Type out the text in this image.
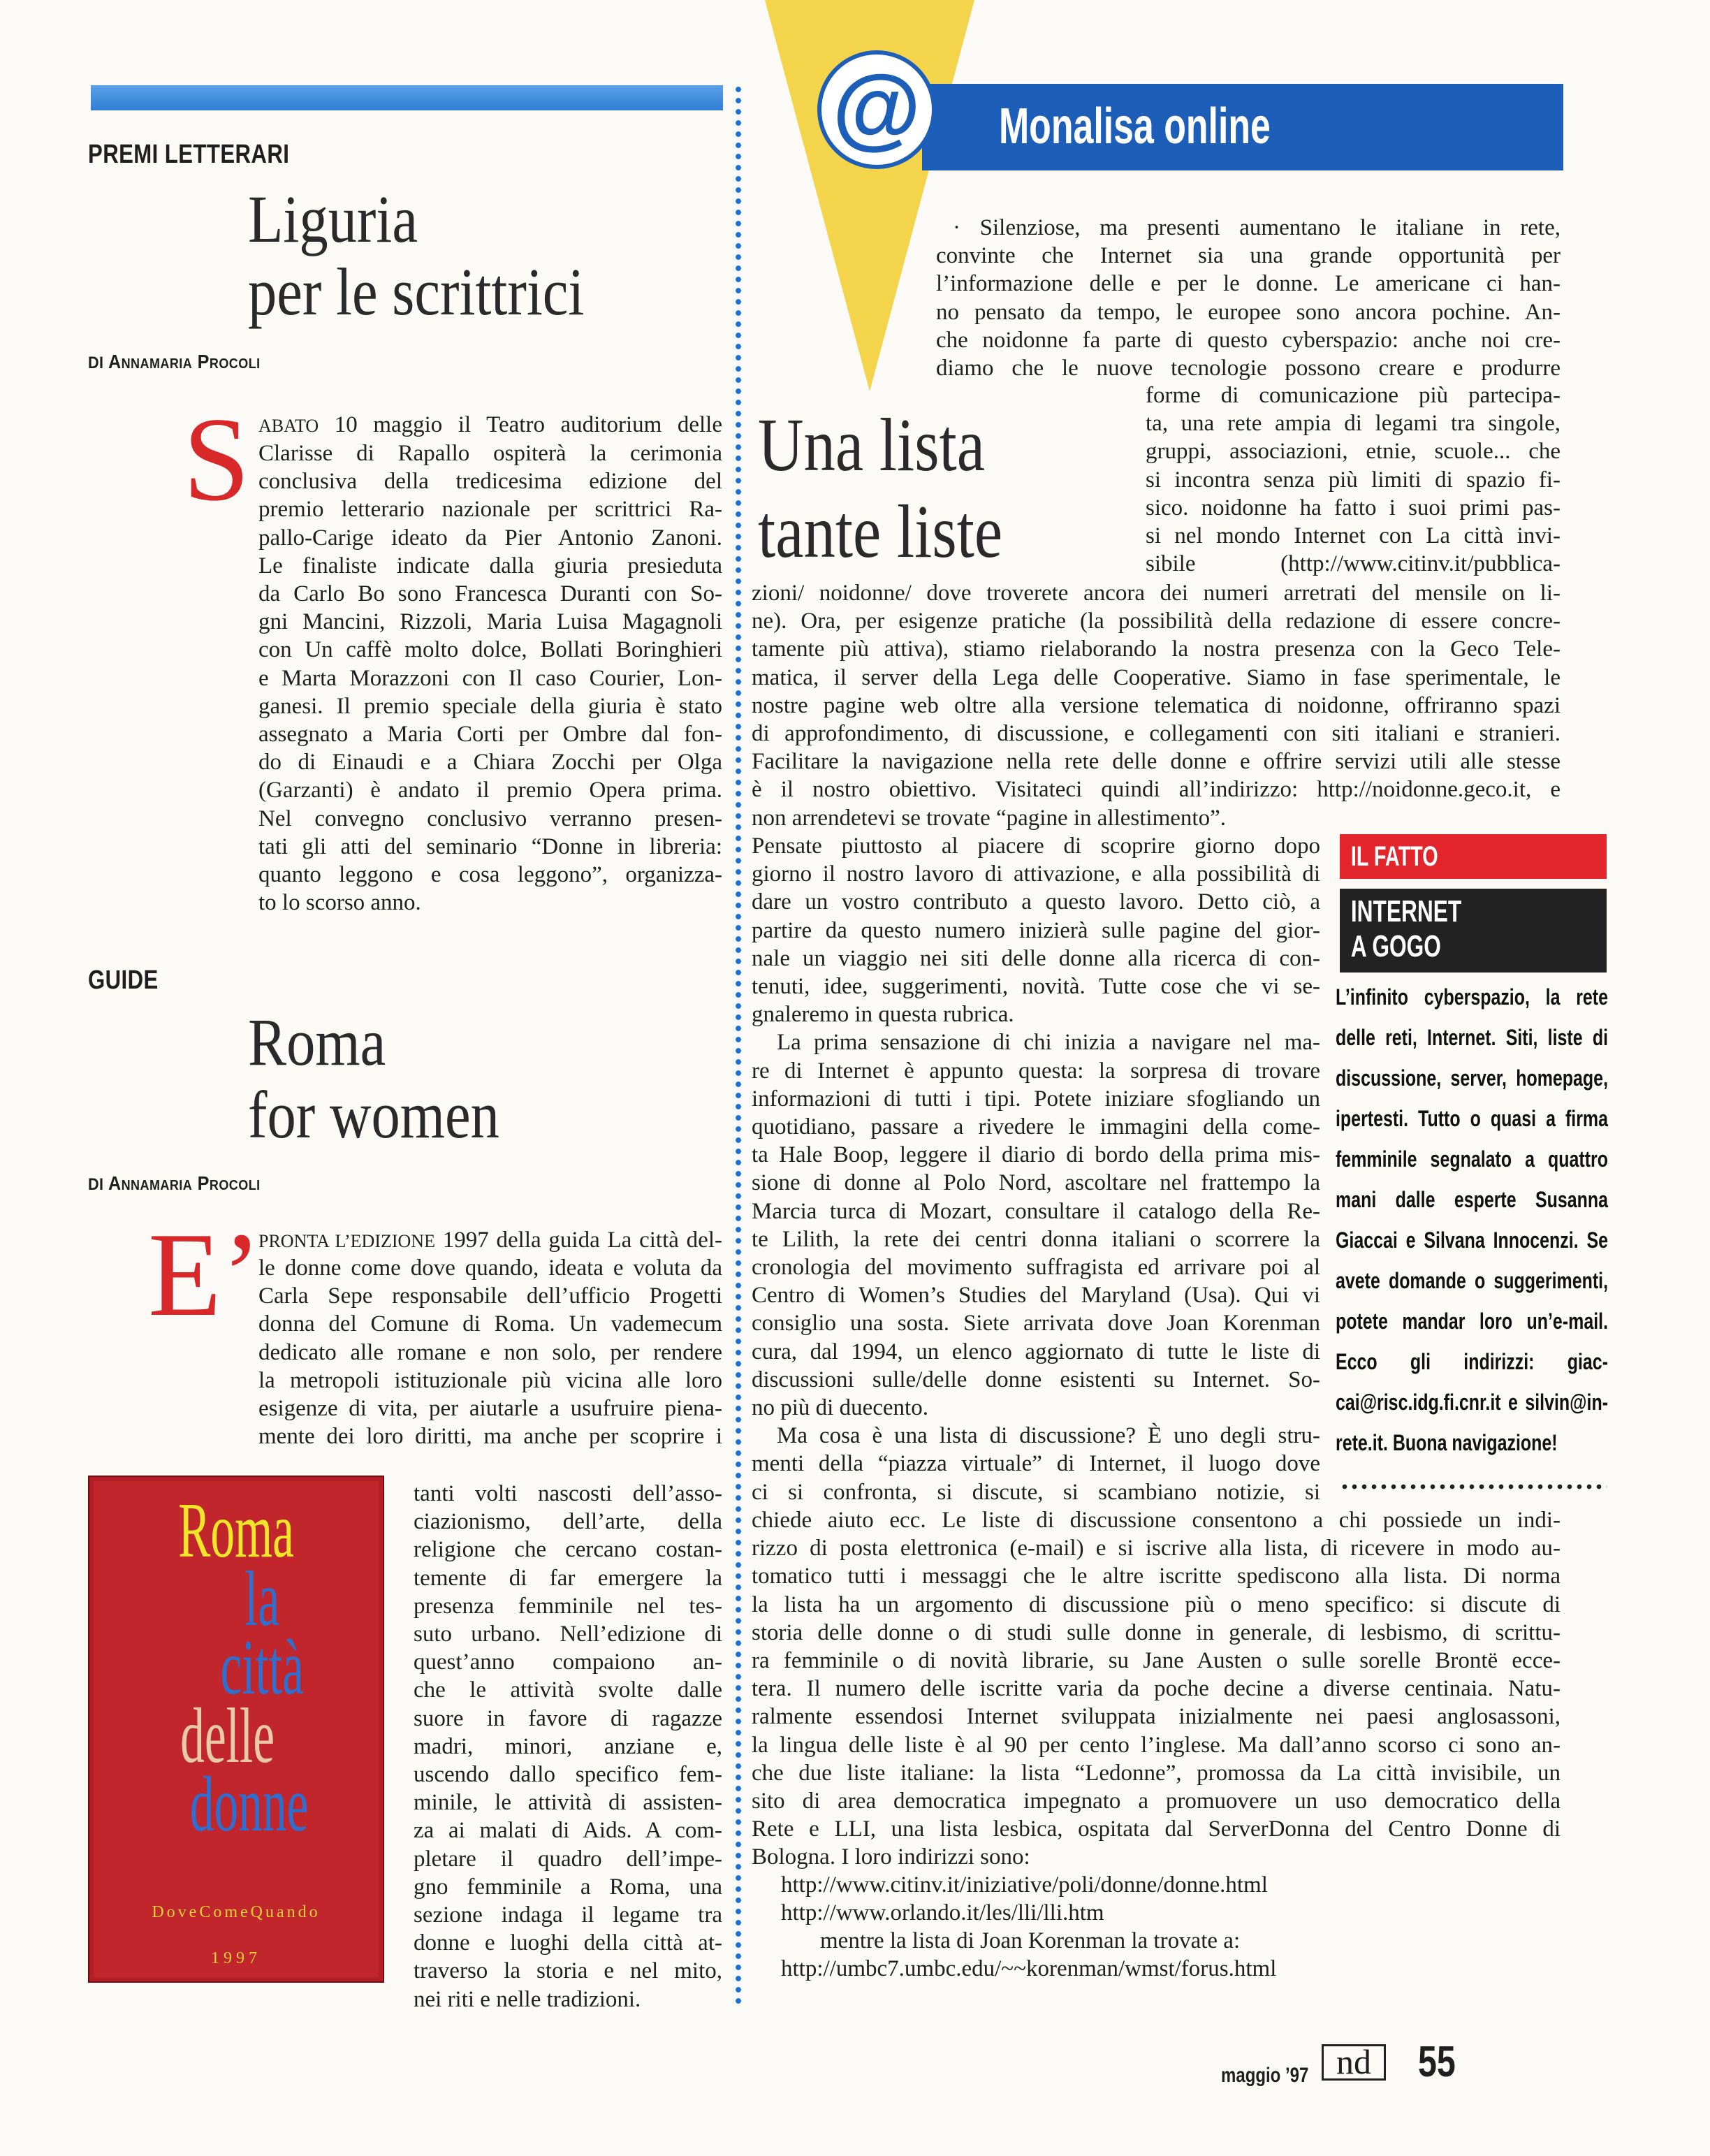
PREMI LETTERARI
Liguria
per le scrittrici
DI Annamaria Procoli
S ABATO 10 maggio il Teatro auditorium delle
Clarisse di Rapallo ospiterà la cerimonia
conclusiva della tredicesima edizione del
premio letterario nazionale per scrittrici Ra-
pallo-Carige ideato da Pier Antonio Zanoni.
Le finaliste indicate dalla giuria presieduta
da Carlo Bo sono Francesca Duranti con So-
gni Mancini, Rizzoli, Maria Luisa Magagnoli
con Un caffè molto dolce, Bollati Boringhieri
e Marta Morazzoni con Il caso Courier, Lon-
ganesi. Il premio speciale della giuria è stato
assegnato a Maria Corti per Ombre dal fon-
do di Einaudi e a Chiara Zocchi per Olga
(Garzanti) è andato il premio Opera prima.
Nel convegno conclusivo verranno presen-
tati gli atti del seminario “Donne in libreria:
quanto leggono e cosa leggono”, organizza-
to lo scorso anno.
GUIDE
Roma
for women
DI Annamaria Procoli
E’
PRONTA L’EDIZIONE 1997 della guida La città del-
le donne come dove quando, ideata e voluta da
Carla Sepe responsabile dell’ufficio Progetti
donna del Comune di Roma. Un vademecum
dedicato alle romane e non solo, per rendere
la metropoli istituzionale più vicina alle loro
esigenze di vita, per aiutarle a usufruire piena-
mente dei loro diritti, ma anche per scoprire i
tanti volti nascosti dell’asso-
ciazionismo, dell’arte, della
religione che cercano costan-
temente di far emergere la
presenza femminile nel tes-
suto urbano. Nell’edizione di
quest’anno compaiono an-
che le attività svolte dalle
suore in favore di ragazze
madri, minori, anziane e,
uscendo dallo specifico fem-
minile, le attività di assisten-
za ai malati di Aids. A com-
pletare il quadro dell’impe-
gno femminile a Roma, una
sezione indaga il legame tra
donne e luoghi della città at-
traverso la storia e nel mito,
nei riti e nelle tradizioni.
Roma
la città
delle
donne
DoveComeQuando
1997
Monalisa online
@
· Silenziose, ma presenti aumentano le italiane in rete,
convinte che Internet sia una grande opportunità per
l’informazione delle e per le donne. Le americane ci han-
no pensato da tempo, le europee sono ancora pochine. An-
che noidonne fa parte di questo cyberspazio: anche noi cre-
diamo che le nuove tecnologie possono creare e produrre
Una lista
tante liste
forme di comunicazione più partecipa-
ta, una rete ampia di legami tra singole,
gruppi, associazioni, etnie, scuole... che
si incontra senza più limiti di spazio fi-
sico. noidonne ha fatto i suoi primi pas-
si nel mondo Internet con La città invi-
sibile (http://www.citinv.it/pubblica-
zioni/ noidonne/ dove troverete ancora dei numeri arretrati del mensile on li-
ne). Ora, per esigenze pratiche (la possibilità della redazione di essere concre-
tamente più attiva), stiamo rielaborando la nostra presenza con la Geco Tele-
matica, il server della Lega delle Cooperative. Siamo in fase sperimentale, le
nostre pagine web oltre alla versione telematica di noidonne, offriranno spazi
di approfondimento, di discussione, e collegamenti con siti italiani e stranieri.
Facilitare la navigazione nella rete delle donne e offrire servizi utili alle stesse
è il nostro obiettivo. Visitateci quindi all’indirizzo: http://noidonne.geco.it, e
non arrendetevi se trovate “pagine in allestimento”.
Pensate piuttosto al piacere di scoprire giorno dopo
giorno il nostro lavoro di attivazione, e alla possibilità di
dare un vostro contributo a questo lavoro. Detto ciò, a
partire da questo numero inizierà sulle pagine del gior-
nale un viaggio nei siti delle donne alla ricerca di con-
tenuti, idee, suggerimenti, novità. Tutte cose che vi se-
gnaleremo in questa rubrica.
La prima sensazione di chi inizia a navigare nel ma-
re di Internet è appunto questa: la sorpresa di trovare
informazioni di tutti i tipi. Potete iniziare sfogliando un
quotidiano, passare a rivedere le immagini della come-
ta Hale Boop, leggere il diario di bordo della prima mis-
sione di donne al Polo Nord, ascoltare nel frattempo la
Marcia turca di Mozart, consultare il catalogo della Re-
te Lilith, la rete dei centri donna italiani o scorrere la
cronologia del movimento suffragista ed arrivare poi al
Centro di Women’s Studies del Maryland (Usa). Qui vi
consiglio una sosta. Siete arrivata dove Joan Korenman
cura, dal 1994, un elenco aggiornato di tutte le liste di
discussioni sulle/delle donne esistenti su Internet. So-
no più di duecento.
Ma cosa è una lista di discussione? È uno degli stru-
menti della “piazza virtuale” di Internet, il luogo dove
ci si confronta, si discute, si scambiano notizie, si
chiede aiuto ecc. Le liste di discussione consentono a chi possiede un indi-
rizzo di posta elettronica (e-mail) e si iscrive alla lista, di ricevere in modo au-
tomatico tutti i messaggi che le altre iscritte spediscono alla lista. Di norma
la lista ha un argomento di discussione più o meno specifico: si discute di
storia delle donne o di studi sulle donne in generale, di lesbismo, di scrittu-
ra femminile o di novità librarie, su Jane Austen o sulle sorelle Brontë ecce-
tera. Il numero delle iscritte varia da poche decine a diverse centinaia. Natu-
ralmente essendosi Internet sviluppata inizialmente nei paesi anglosassoni,
la lingua delle liste è al 90 per cento l’inglese. Ma dall’anno scorso ci sono an-
che due liste italiane: la lista “Ledonne”, promossa da La città invisibile, un
sito di area democratica impegnato a promuovere un uso democratico della
Rete e LLI, una lista lesbica, ospitata dal ServerDonna del Centro Donne di
Bologna. I loro indirizzi sono:
http://www.citinv.it/iniziative/poli/donne/donne.html
http://www.orlando.it/les/lli/lli.htm
mentre la lista di Joan Korenman la trovate a:
http://umbc7.umbc.edu/~~korenman/wmst/forus.html
IL FATTO
INTERNET
A GOGO
L’infinito cyberspazio, la rete
delle reti, Internet. Siti, liste di
discussione, server, homepage,
ipertesti. Tutto o quasi a firma
femminile segnalato a quattro
mani dalle esperte Susanna
Giaccai e Silvana Innocenzi. Se
avete domande o suggerimenti,
potete mandar loro un’e-mail.
Ecco gli indirizzi: giac-
cai@risc.idg.fi.cnr.it e silvin@in-
rete.it. Buona navigazione!
maggio ’97 nd	55
